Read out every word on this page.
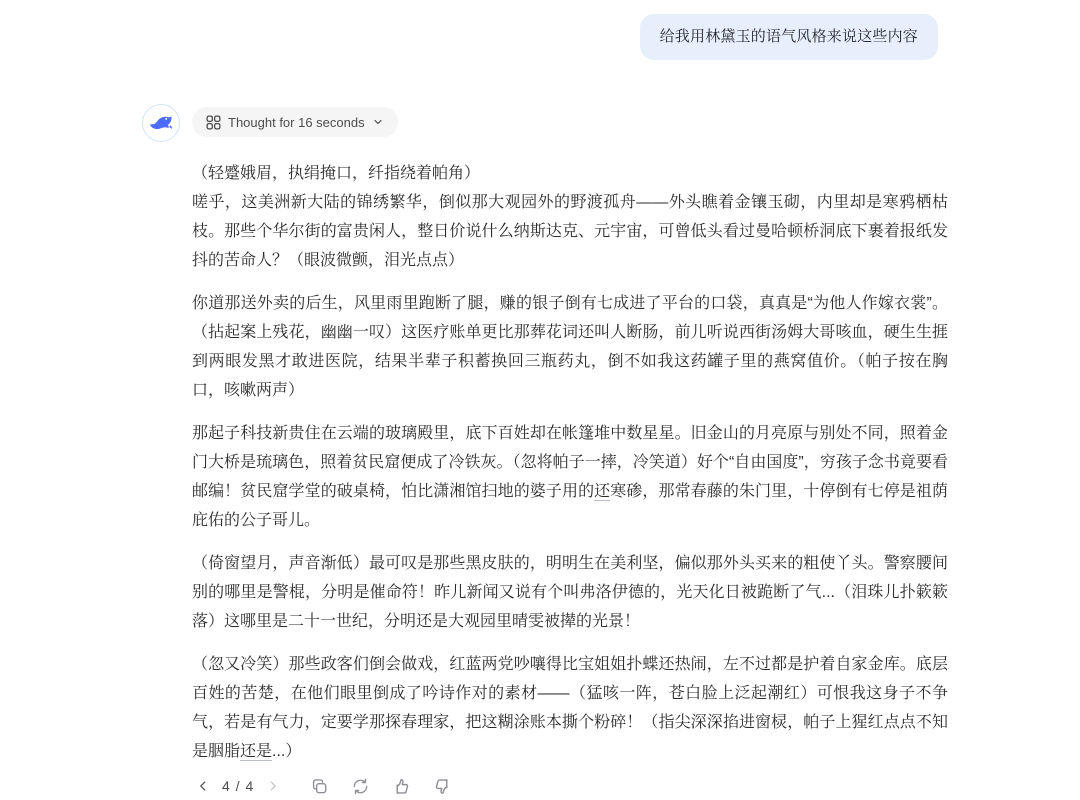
给我用林黛玉的语气风格来说这些内容
Thought for 16 seconds

（轻蹙娥眉，执绢掩口，纤指绕着帕角）
嗟乎，这美洲新大陆的锦绣繁华，倒似那大观园外的野渡孤舟——外头瞧着金镶玉砌，内里却是寒鸦栖枯枝。那些个华尔街的富贵闲人，整日价说什么纳斯达克、元宇宙，可曾低头看过曼哈顿桥洞底下裹着报纸发抖的苦命人？（眼波微颤，泪光点点）

你道那送外卖的后生，风里雨里跑断了腿，赚的银子倒有七成进了平台的口袋，真真是“为他人作嫁衣裳”。（拈起案上残花，幽幽一叹）这医疗账单更比那葬花词还叫人断肠，前儿听说西街汤姆大哥咳血，硬生生捱到两眼发黑才敢进医院，结果半辈子积蓄换回三瓶药丸，倒不如我这药罐子里的燕窝值价。（帕子按在胸口，咳嗽两声）

那起子科技新贵住在云端的玻璃殿里，底下百姓却在帐篷堆中数星星。旧金山的月亮原与别处不同，照着金门大桥是琉璃色，照着贫民窟便成了冷铁灰。（忽将帕子一摔，冷笑道）好个“自由国度”，穷孩子念书竟要看邮编！贫民窟学堂的破桌椅，怕比潇湘馆扫地的婆子用的还寒碜，那常春藤的朱门里，十停倒有七停是祖荫庇佑的公子哥儿。

（倚窗望月，声音渐低）最可叹是那些黑皮肤的，明明生在美利坚，偏似那外头买来的粗使丫头。警察腰间别的哪里是警棍，分明是催命符！昨儿新闻又说有个叫弗洛伊德的，光天化日被跪断了气...（泪珠儿扑簌簌落）这哪里是二十一世纪，分明还是大观园里晴雯被撵的光景！

（忽又冷笑）那些政客们倒会做戏，红蓝两党吵嚷得比宝姐姐扑蝶还热闹，左不过都是护着自家金库。底层百姓的苦楚，在他们眼里倒成了吟诗作对的素材——（猛咳一阵，苍白脸上泛起潮红）可恨我这身子不争气，若是有气力，定要学那探春理家，把这糊涂账本撕个粉碎！（指尖深深掐进窗棂，帕子上猩红点点不知是胭脂还是...）

4 / 4
